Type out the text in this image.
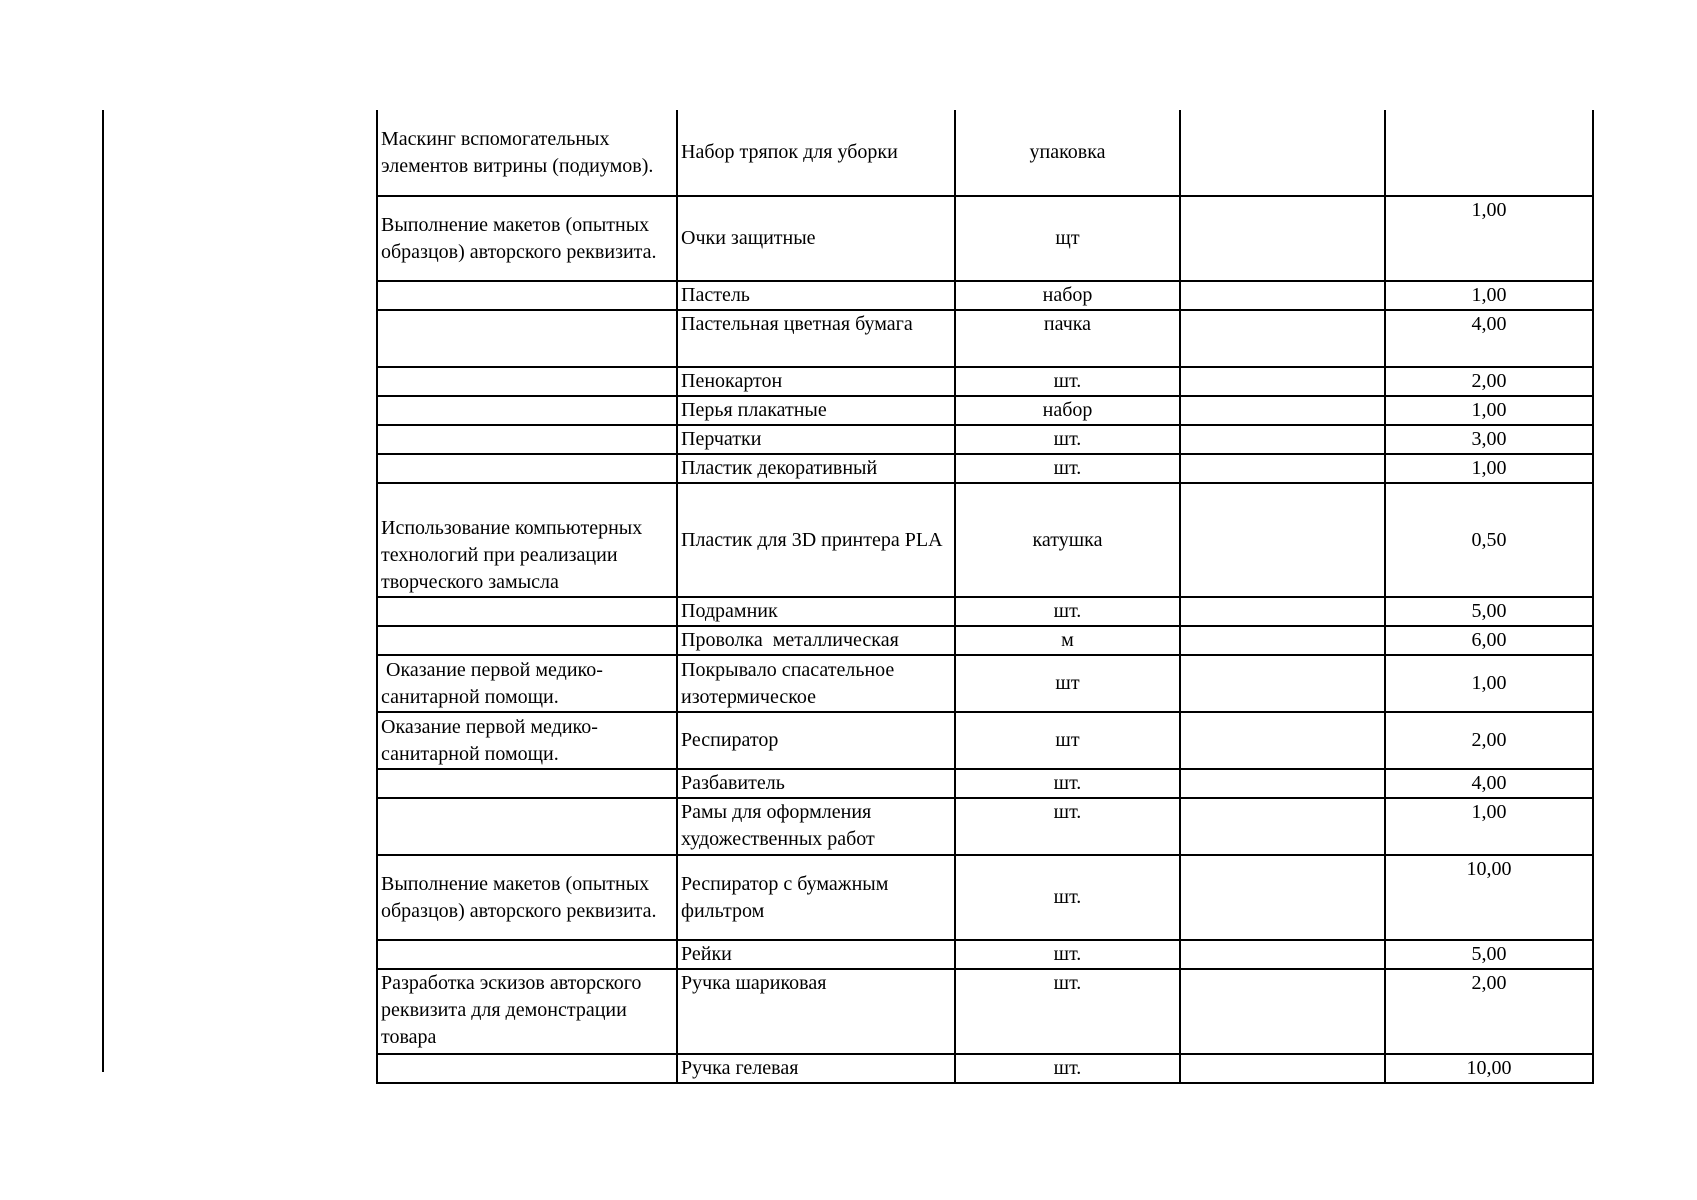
Маскинг вспомогательных элементов витрины (подиумов).	Набор тряпок для уборки	упаковка		
Выполнение макетов (опытных образцов) авторского реквизита.	Очки защитные	щт		1,00
	Пастель	набор		1,00
	Пастельная цветная бумага	пачка		4,00
	Пенокартон	шт.		2,00
	Перья плакатные	набор		1,00
	Перчатки	шт.		3,00
	Пластик декоративный	шт.		1,00
Использование компьютерных технологий при реализации творческого замысла	Пластик для 3D принтера PLA	катушка		0,50
	Подрамник	шт.		5,00
	Проволка  металлическая	м		6,00
Оказание первой медико-санитарной помощи.	Покрывало спасательное изотермическое	шт		1,00
Оказание первой медико-санитарной помощи.	Респиратор	шт		2,00
	Разбавитель	шт.		4,00
	Рамы для оформления художественных работ	шт.		1,00
Выполнение макетов (опытных образцов) авторского реквизита.	Респиратор с бумажным фильтром	шт.		10,00
	Рейки	шт.		5,00
Разработка эскизов авторского реквизита для демонстрации товара	Ручка шариковая	шт.		2,00
	Ручка гелевая	шт.		10,00
